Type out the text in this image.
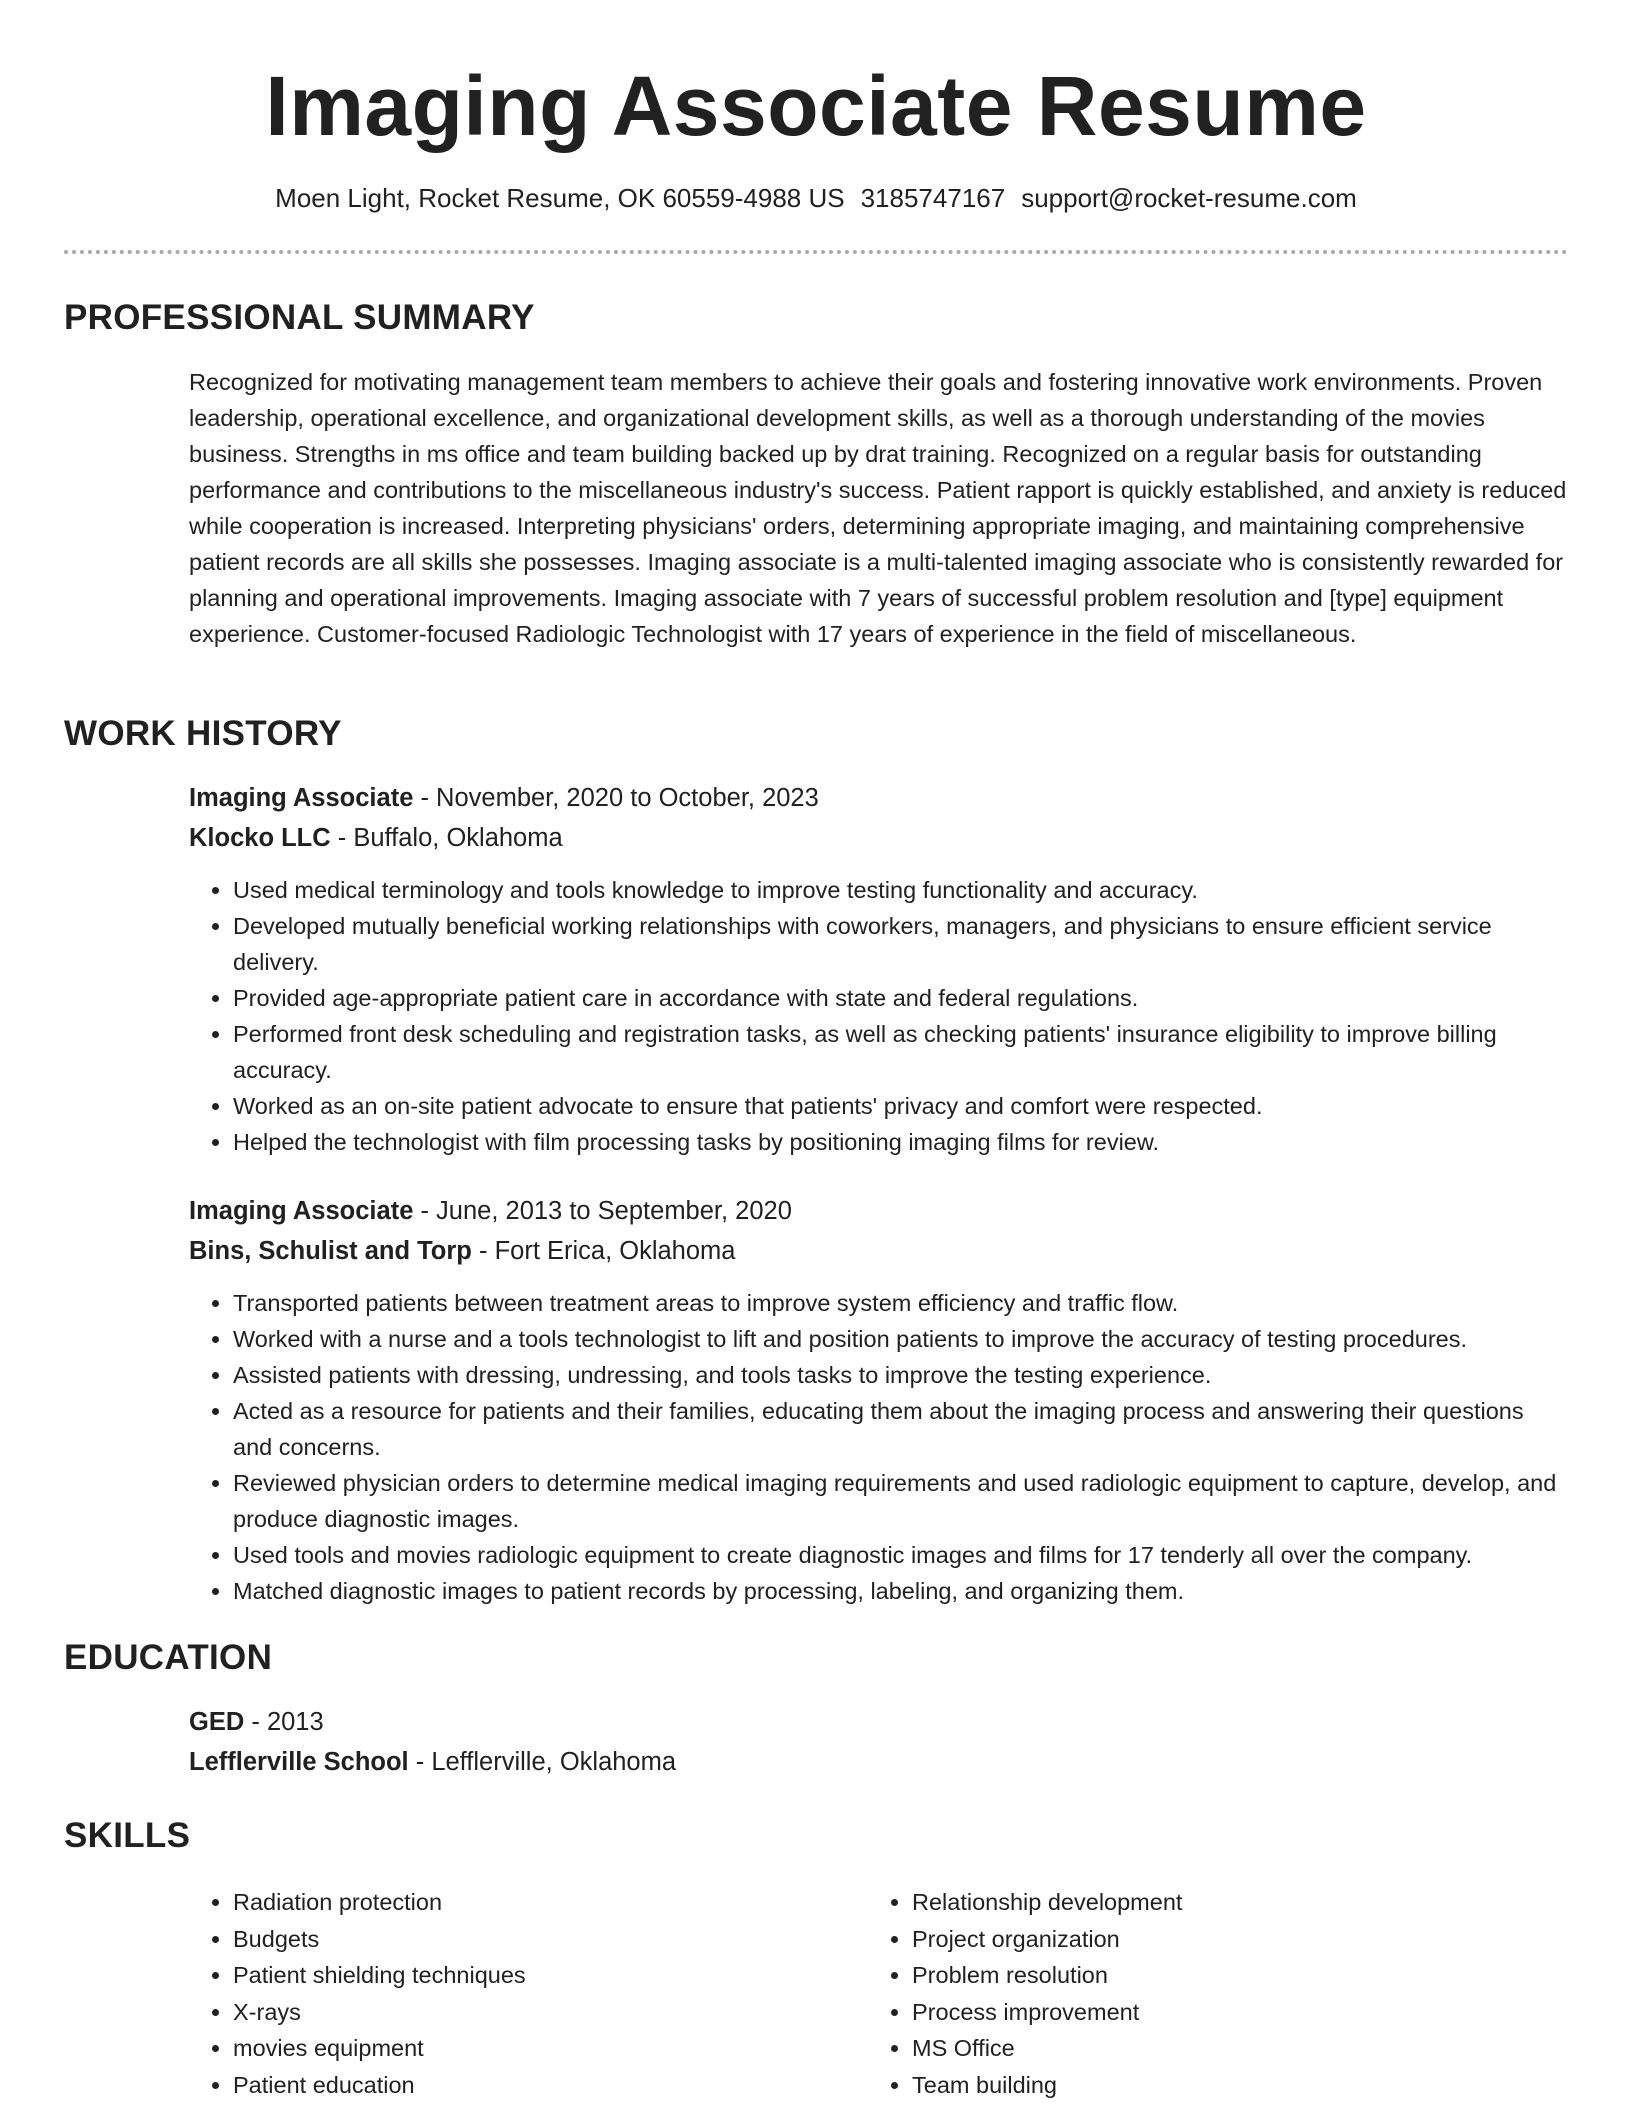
Imaging Associate Resume

Moen Light, Rocket Resume, OK 60559-4988 US 3185747167 support@rocket-resume.com

PROFESSIONAL SUMMARY

Recognized for motivating management team members to achieve their goals and fostering innovative work environments. Proven leadership, operational excellence, and organizational development skills, as well as a thorough understanding of the movies business. Strengths in ms office and team building backed up by drat training. Recognized on a regular basis for outstanding performance and contributions to the miscellaneous industry's success. Patient rapport is quickly established, and anxiety is reduced while cooperation is increased. Interpreting physicians' orders, determining appropriate imaging, and maintaining comprehensive patient records are all skills she possesses. Imaging associate is a multi-talented imaging associate who is consistently rewarded for planning and operational improvements. Imaging associate with 7 years of successful problem resolution and [type] equipment experience. Customer-focused Radiologic Technologist with 17 years of experience in the field of miscellaneous.

WORK HISTORY

Imaging Associate - November, 2020 to October, 2023

Klocko LLC - Buffalo, Oklahoma

• Used medical terminology and tools knowledge to improve testing functionality and accuracy.
• Developed mutually beneficial working relationships with coworkers, managers, and physicians to ensure efficient service delivery.
• Provided age-appropriate patient care in accordance with state and federal regulations.
• Performed front desk scheduling and registration tasks, as well as checking patients' insurance eligibility to improve billing accuracy.
• Worked as an on-site patient advocate to ensure that patients' privacy and comfort were respected.
• Helped the technologist with film processing tasks by positioning imaging films for review.

Imaging Associate - June, 2013 to September, 2020

Bins, Schulist and Torp - Fort Erica, Oklahoma

• Transported patients between treatment areas to improve system efficiency and traffic flow.
• Worked with a nurse and a tools technologist to lift and position patients to improve the accuracy of testing procedures.
• Assisted patients with dressing, undressing, and tools tasks to improve the testing experience.
• Acted as a resource for patients and their families, educating them about the imaging process and answering their questions and concerns.
• Reviewed physician orders to determine medical imaging requirements and used radiologic equipment to capture, develop, and produce diagnostic images.
• Used tools and movies radiologic equipment to create diagnostic images and films for 17 tenderly all over the company.
• Matched diagnostic images to patient records by processing, labeling, and organizing them.
EDUCATION

GED - 2013

Lefflerville School - Lefflerville, Oklahoma

SKILLS
• Radiation protection
• Budgets
• Patient shielding techniques
• X-rays
• movies equipment
• Patient education
• Relationship development
• Project organization
• Problem resolution
• Process improvement
• MS Office
• Team building
